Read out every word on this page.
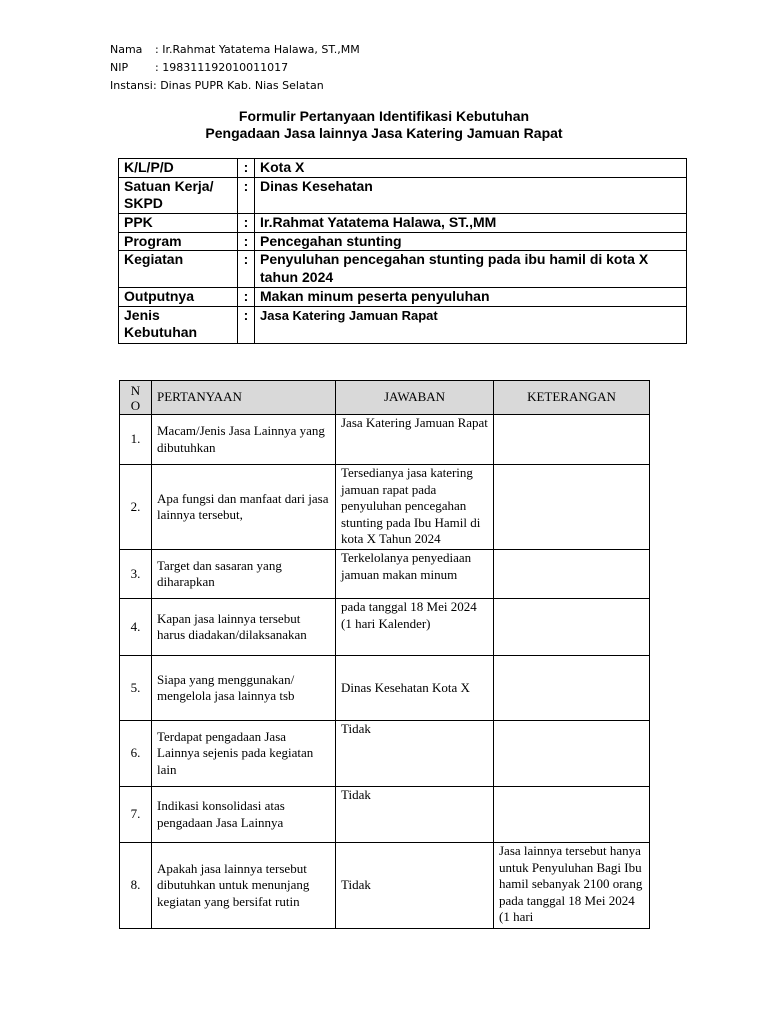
Nama : Ir.Rahmat Yatatema Halawa, ST.,MM
NIP : 198311192010011017
Instansi : Dinas PUPR Kab. Nias Selatan
Formulir Pertanyaan Identifikasi Kebutuhan
Pengadaan Jasa lainnya Jasa Katering Jamuan Rapat
K/L/P/D	:	Kota X
Satuan Kerja/ SKPD	:	Dinas Kesehatan
PPK	:	Ir.Rahmat Yatatema Halawa, ST.,MM
Program	:	Pencegahan stunting
Kegiatan	:	Penyuluhan pencegahan stunting pada ibu hamil di kota X tahun 2024
Outputnya	:	Makan minum peserta penyuluhan
Jenis Kebutuhan	:	Jasa Katering Jamuan Rapat
N O	PERTANYAAN	JAWABAN	KETERANGAN
1.	Macam/Jenis Jasa Lainnya yang dibutuhkan	Jasa Katering Jamuan Rapat	
2.	Apa fungsi dan manfaat dari jasa lainnya tersebut,	Tersedianya jasa katering jamuan rapat pada penyuluhan pencegahan stunting pada Ibu Hamil di kota X Tahun 2024	
3.	Target dan sasaran yang diharapkan	Terkelolanya penyediaan jamuan makan minum	
4.	Kapan jasa lainnya tersebut harus diadakan/dilaksanakan	pada tanggal 18 Mei 2024 (1 hari Kalender)	
5.	Siapa yang menggunakan/ mengelola jasa lainnya tsb	Dinas Kesehatan Kota X	
6.	Terdapat pengadaan Jasa Lainnya sejenis pada kegiatan lain	Tidak	
7.	Indikasi konsolidasi atas pengadaan Jasa Lainnya	Tidak	
8.	Apakah jasa lainnya tersebut dibutuhkan untuk menunjang kegiatan yang bersifat rutin	Tidak	Jasa lainnya tersebut hanya untuk Penyuluhan Bagi Ibu hamil sebanyak 2100 orang pada tanggal 18 Mei 2024 (1 hari
